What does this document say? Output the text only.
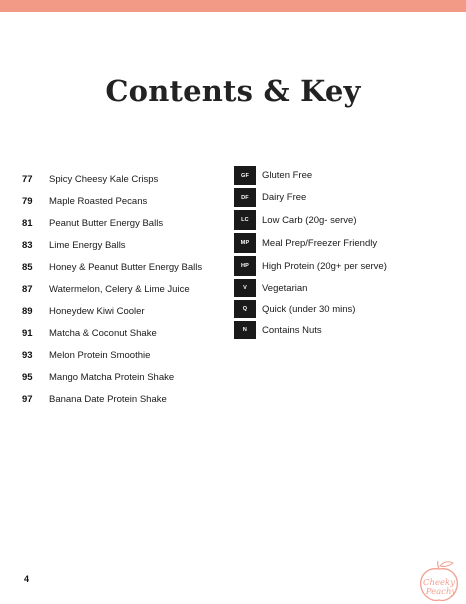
Contents & Key
77	Spicy Cheesy Kale Crisps
79	Maple Roasted Pecans
81	Peanut Butter Energy Balls
83	Lime Energy Balls
85	Honey & Peanut Butter Energy Balls
87	Watermelon, Celery & Lime Juice
89	Honeydew Kiwi Cooler
91	Matcha & Coconut Shake
93	Melon Protein Smoothie
95	Mango Matcha Protein Shake
97	Banana Date Protein Shake
GF	Gluten Free
DF	Dairy Free
LC	Low Carb (20g- serve)
MP	Meal Prep/Freezer Friendly
HP	High Protein (20g+ per serve)
V	Vegetarian
Q	Quick (under 30 mins)
N	Contains Nuts
4	Cheeky
Peachy
